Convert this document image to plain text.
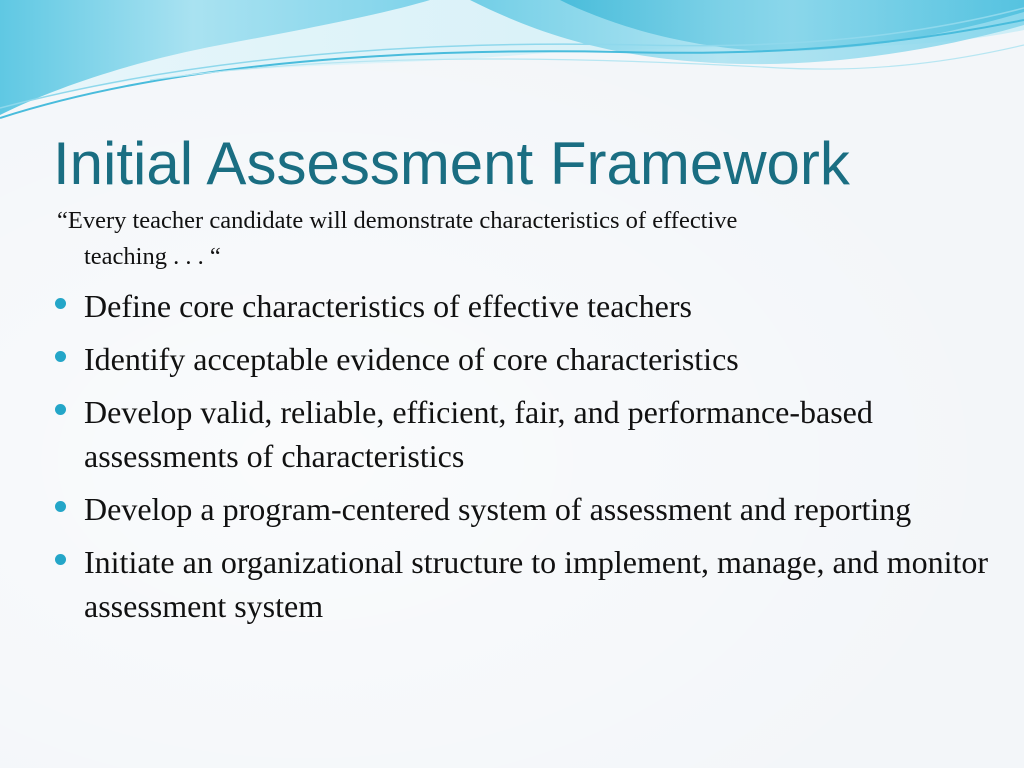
Initial Assessment Framework
“Every teacher candidate will demonstrate characteristics of effective
teaching . . . “
Define core characteristics of effective teachers
Identify acceptable evidence of core characteristics
Develop valid, reliable, efficient, fair, and performance-based assessments of characteristics
Develop a program-centered system of assessment and reporting
Initiate an organizational structure to implement, manage, and monitor assessment system
